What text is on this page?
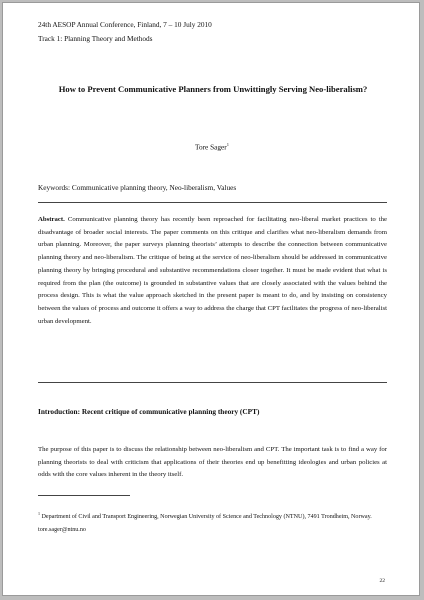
24th AESOP Annual Conference, Finland, 7 – 10 July 2010
Track 1: Planning Theory and Methods
How to Prevent Communicative Planners from Unwittingly Serving Neo-liberalism?
Tore Sager$^1$
Keywords: Communicative planning theory, Neo-liberalism, Values
Abstract. Communicative planning theory has recently been reproached for facilitating neo-liberal market practices to the disadvantage of broader social interests. The paper comments on this critique and clarifies what neo-liberalism demands from urban planning. Moreover, the paper surveys planning theorists’ attempts to describe the connection between communicative planning theory and neo-liberalism. The critique of being at the service of neo-liberalism should be addressed in communicative planning theory by bringing procedural and substantive recommendations closer together. It must be made evident that what is required from the plan (the outcome) is grounded in substantive values that are closely associated with the values behind the process design. This is what the value approach sketched in the present paper is meant to do, and by insisting on consistency between the values of process and outcome it offers a way to address the charge that CPT facilitates the progress of neo-liberalist urban development.
Introduction: Recent critique of communicative planning theory (CPT)
The purpose of this paper is to discuss the relationship between neo-liberalism and CPT. The important task is to find a way for planning theorists to deal with criticism that applications of their theories end up benefitting ideologies and urban policies at odds with the core values inherent in the theory itself.
$^1$ Department of Civil and Transport Engineering, Norwegian University of Science and Technology (NTNU), 7491 Trondheim, Norway. tore.sager@ntnu.no
22
